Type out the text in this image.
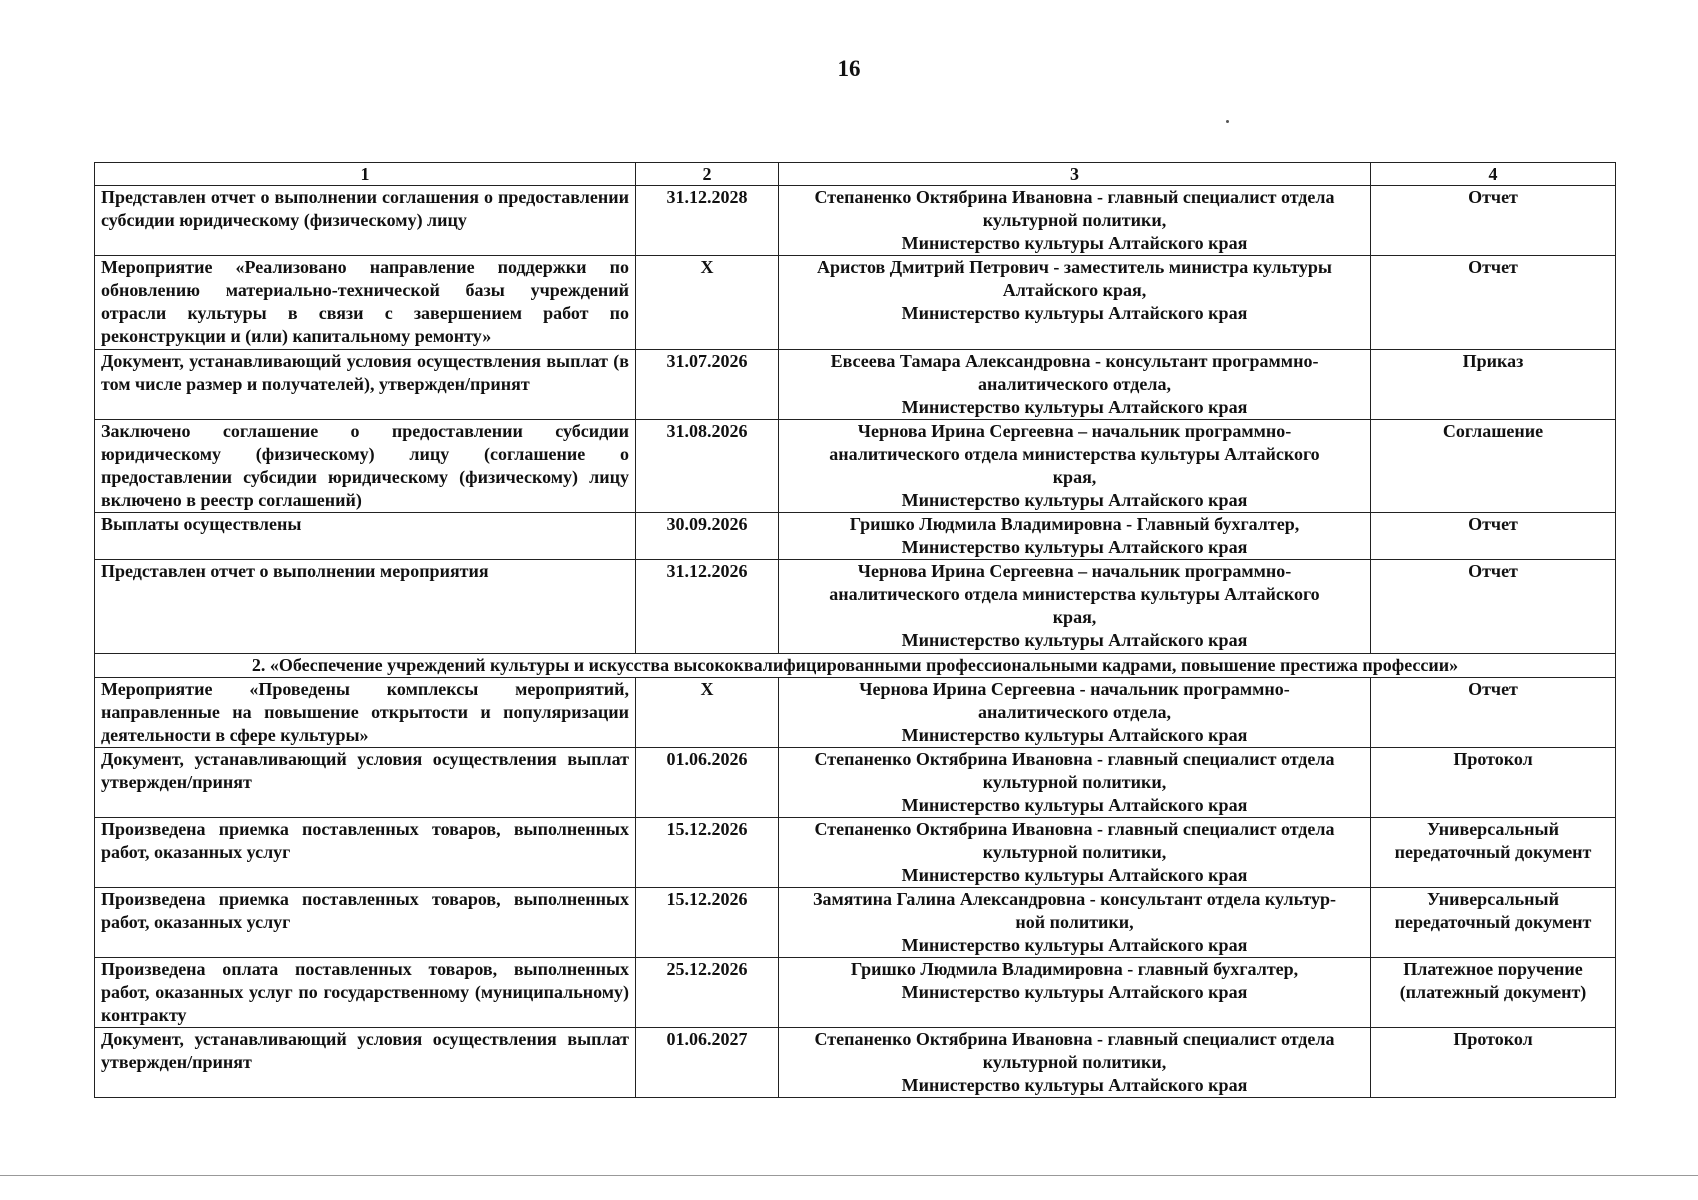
16
1	2	3	4
Представлен отчет о выполнении соглашения о предоставлении субсидии юридическому (физическому) лицу	31.12.2028	Степаненко Октябрина Ивановна - главный специалист отдела
культурной политики,
Министерство культуры Алтайского края	Отчет
Мероприятие «Реализовано направление поддержки по обновлению материально-технической базы учреждений отрасли культуры в связи с завершением работ по реконструкции и (или) капитальному ремонту»	X	Аристов Дмитрий Петрович - заместитель министра культуры
Алтайского края,
Министерство культуры Алтайского края	Отчет
Документ, устанавливающий условия осуществления выплат (в том числе размер и получателей), утвержден/принят	31.07.2026	Евсеева Тамара Александровна - консультант программно-
аналитического отдела,
Министерство культуры Алтайского края	Приказ
Заключено соглашение о предоставлении субсидии юридическому (физическому) лицу (соглашение о предоставлении субсидии юридическому (физическому) лицу включено в реестр соглашений)	31.08.2026	Чернова Ирина Сергеевна – начальник программно-
аналитического отдела министерства культуры Алтайского
края,
Министерство культуры Алтайского края	Соглашение
Выплаты осуществлены	30.09.2026	Гришко Людмила Владимировна - Главный бухгалтер,
Министерство культуры Алтайского края	Отчет
Представлен отчет о выполнении мероприятия	31.12.2026	Чернова Ирина Сергеевна – начальник программно-
аналитического отдела министерства культуры Алтайского
края,
Министерство культуры Алтайского края	Отчет
2. «Обеспечение учреждений культуры и искусства высококвалифицированными профессиональными кадрами, повышение престижа профессии»			
Мероприятие «Проведены комплексы мероприятий, направленные на повышение открытости и популяризации деятельности в сфере культуры»	X	Чернова Ирина Сергеевна - начальник программно-
аналитического отдела,
Министерство культуры Алтайского края	Отчет
Документ, устанавливающий условия осуществления выплат утвержден/принят	01.06.2026	Степаненко Октябрина Ивановна - главный специалист отдела
культурной политики,
Министерство культуры Алтайского края	Протокол
Произведена приемка поставленных товаров, выполненных работ, оказанных услуг	15.12.2026	Степаненко Октябрина Ивановна - главный специалист отдела
культурной политики,
Министерство культуры Алтайского края	Универсальный передаточный документ
Произведена приемка поставленных товаров, выполненных работ, оказанных услуг	15.12.2026	Замятина Галина Александровна - консультант отдела культур-
ной политики,
Министерство культуры Алтайского края	Универсальный передаточный документ
Произведена оплата поставленных товаров, выполненных работ, оказанных услуг по государственному (муниципальному) контракту	25.12.2026	Гришко Людмила Владимировна - главный бухгалтер,
Министерство культуры Алтайского края	Платежное поручение (платежный документ)
Документ, устанавливающий условия осуществления выплат утвержден/принят	01.06.2027	Степаненко Октябрина Ивановна - главный специалист отдела
культурной политики,
Министерство культуры Алтайского края	Протокол
